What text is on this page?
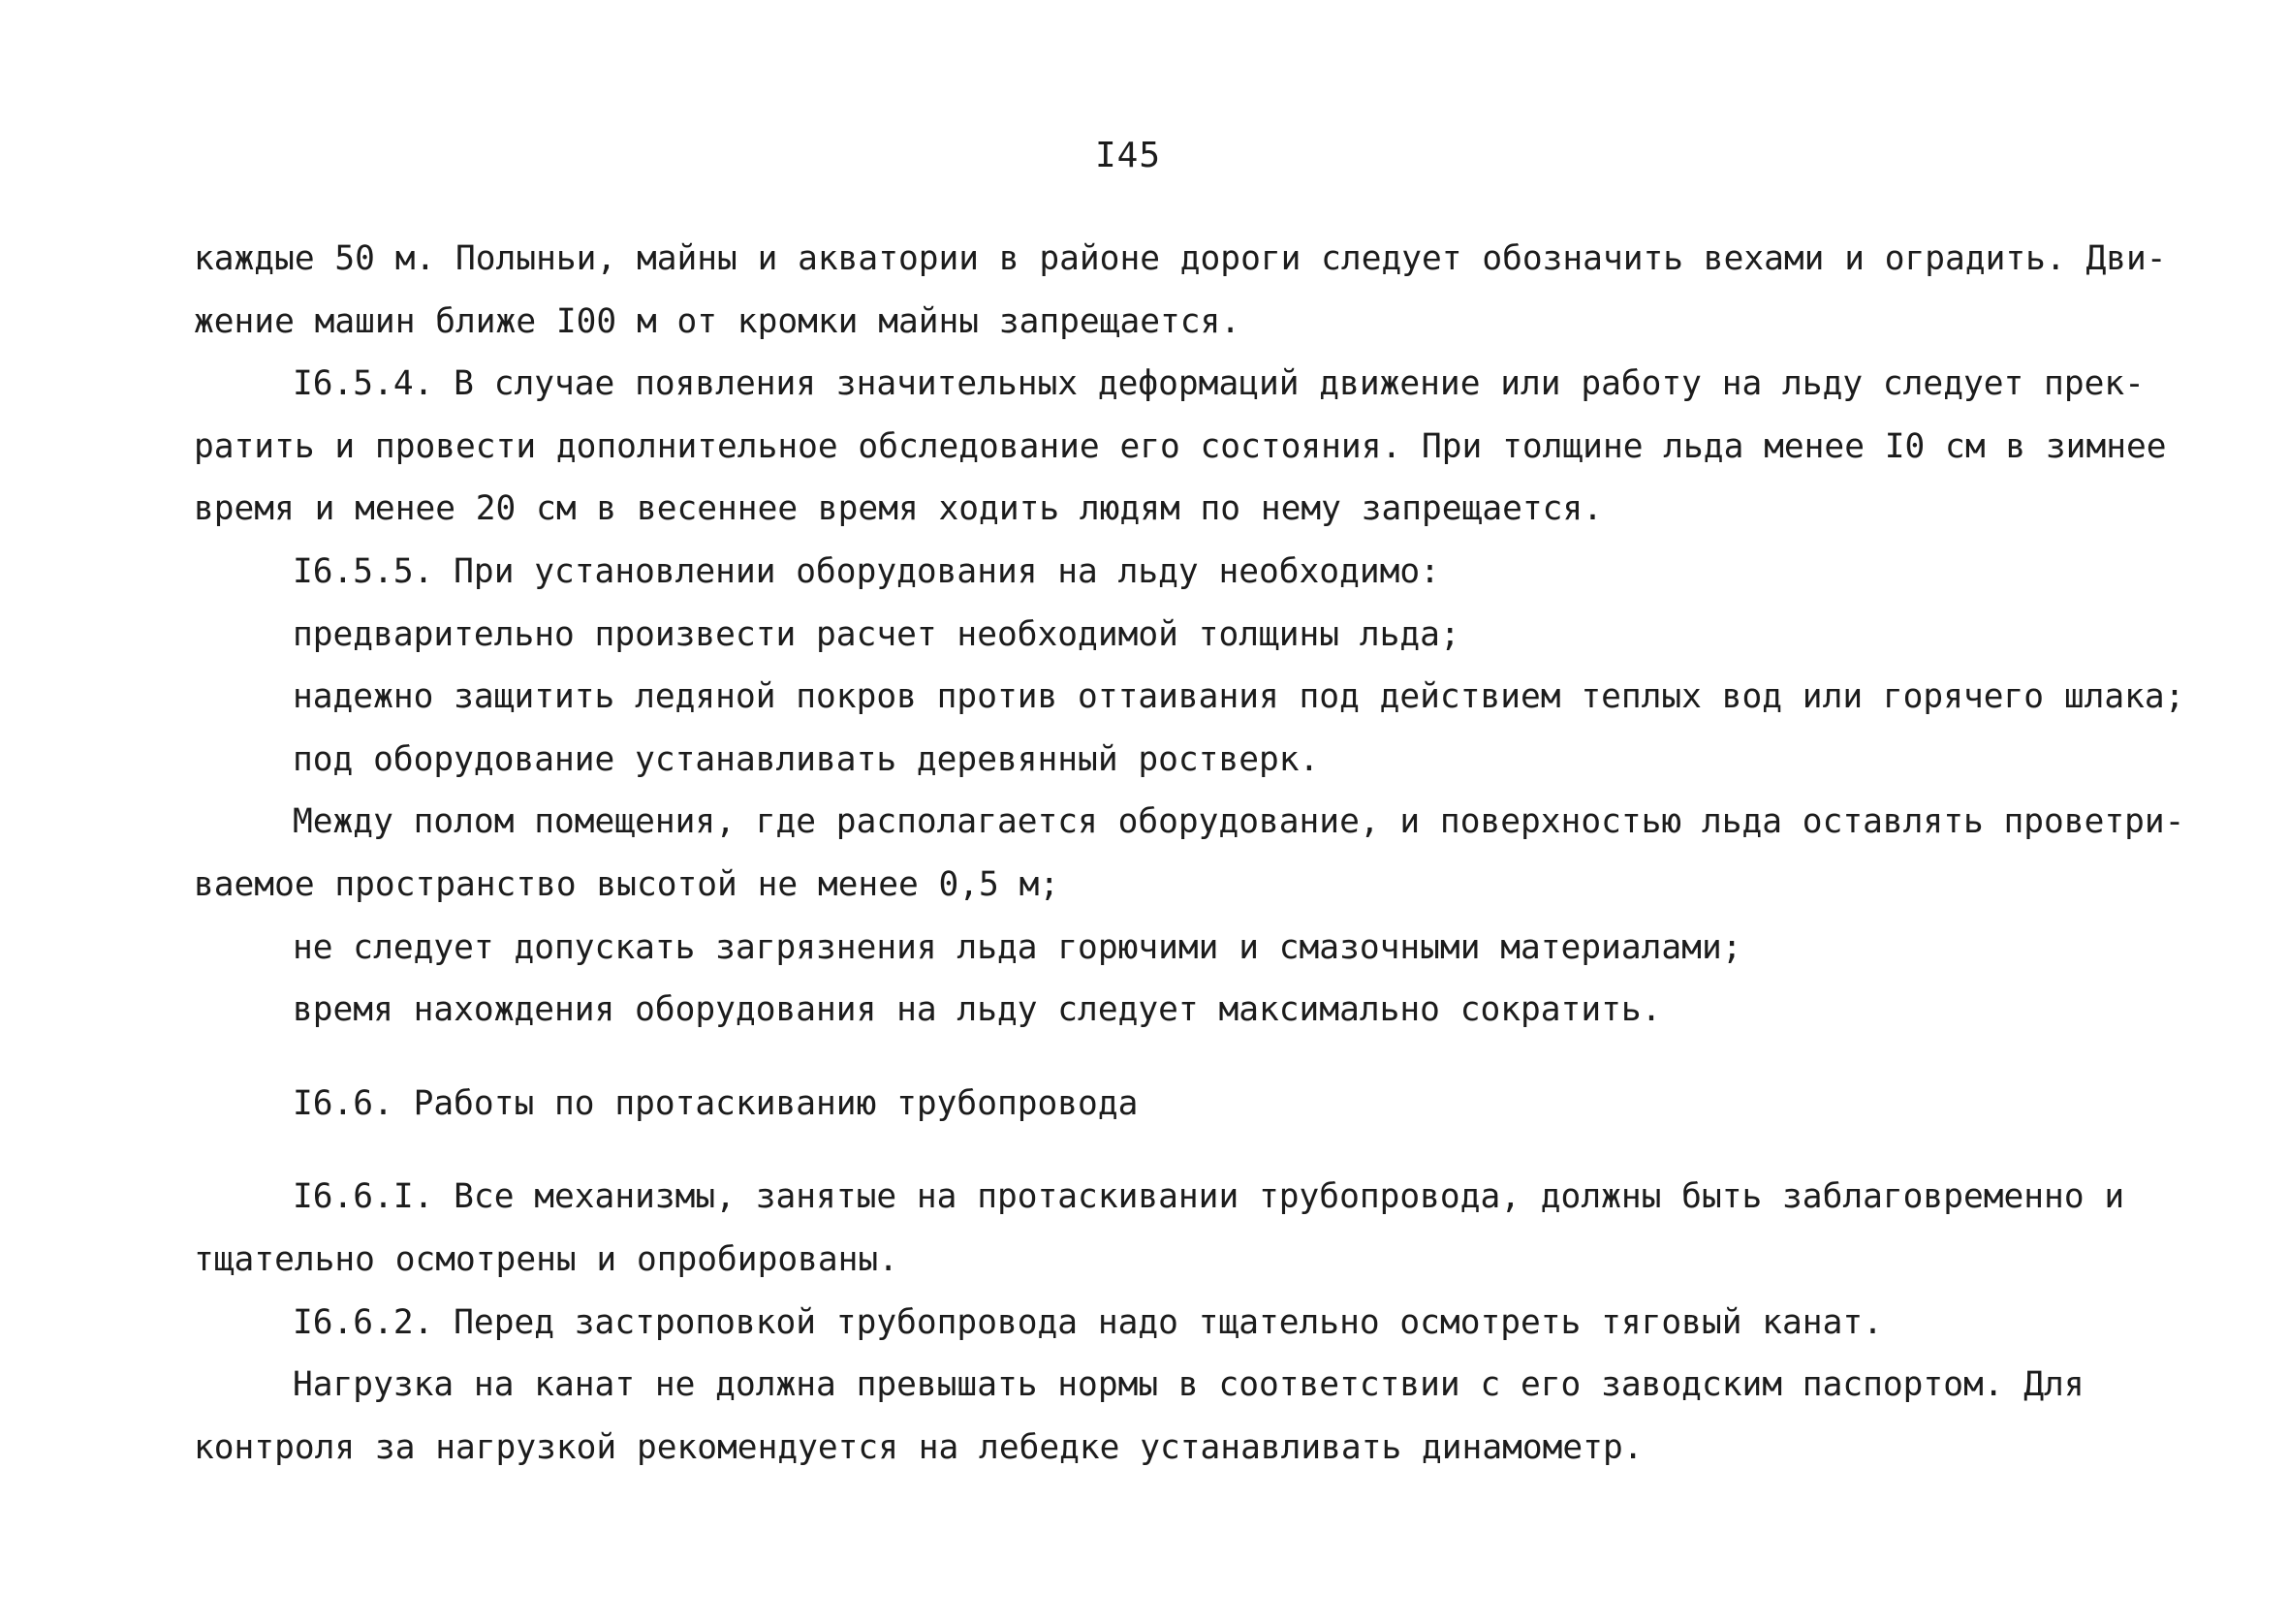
I45
каждые 50 м. Полыньи, майны и акватории в районе дороги следует обозначить вехами и оградить. Дви-
жение машин ближе I00 м от кромки майны запрещается.
I6.5.4. В случае появления значительных деформаций движение или работу на льду следует прек-
ратить и провести дополнительное обследование его состояния. При толщине льда менее I0 см в зимнее
время и менее 20 см в весеннее время ходить людям по нему запрещается.
I6.5.5. При установлении оборудования на льду необходимо:
предварительно произвести расчет необходимой толщины льда;
надежно защитить ледяной покров против оттаивания под действием теплых вод или горячего шлака;
под оборудование устанавливать деревянный ростверк.
Между полом помещения, где располагается оборудование, и поверхностью льда оставлять проветри-
ваемое пространство высотой не менее 0,5 м;
не следует допускать загрязнения льда горючими и смазочными материалами;
время нахождения оборудования на льду следует максимально сократить.
I6.6. Работы по протаскиванию трубопровода
I6.6.I. Все механизмы, занятые на протаскивании трубопровода, должны быть заблаговременно и
тщательно осмотрены и опробированы.
I6.6.2. Перед застроповкой трубопровода надо тщательно осмотреть тяговый канат.
Нагрузка на канат не должна превышать нормы в соответствии с его заводским паспортом. Для
контроля за нагрузкой рекомендуется на лебедке устанавливать динамометр.
